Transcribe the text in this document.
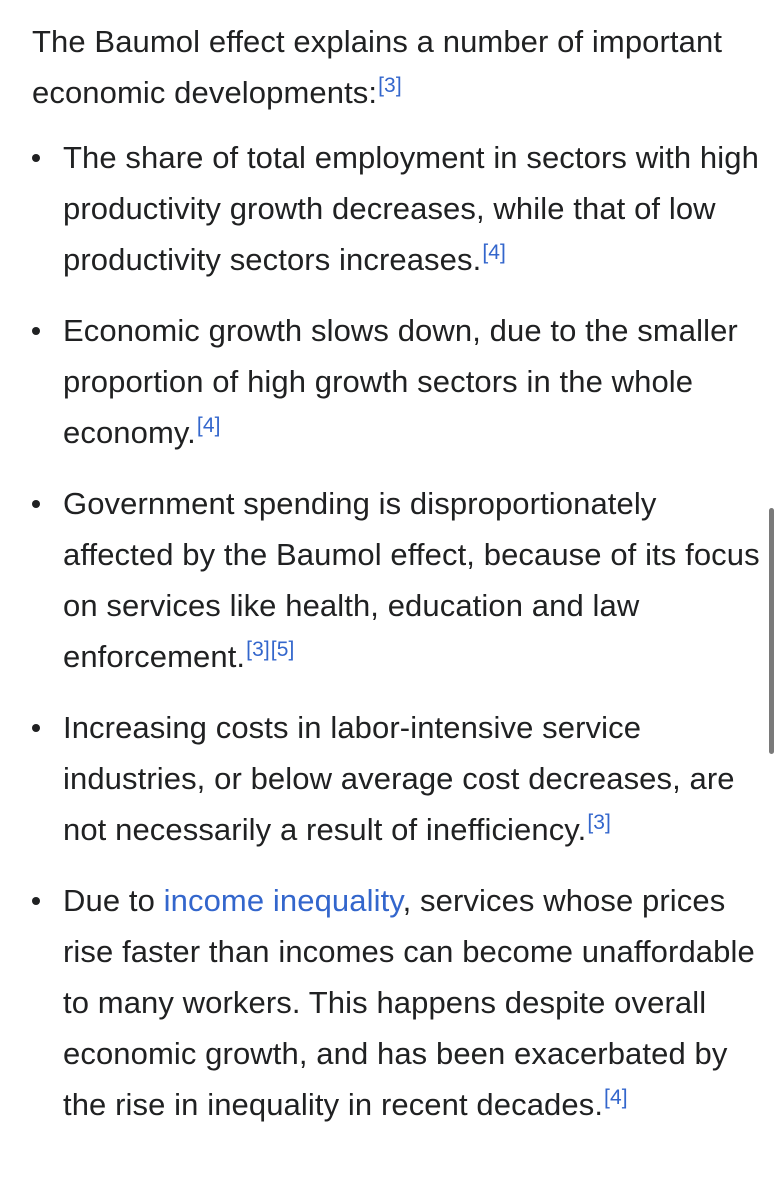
The Baumol effect explains a number of important economic developments:[3]

The share of total employment in sectors with high productivity growth decreases, while that of low productivity sectors increases.[4]
Economic growth slows down, due to the smaller proportion of high growth sectors in the whole economy.[4]
Government spending is disproportionately affected by the Baumol effect, because of its focus on services like health, education and law enforcement.[3][5]
Increasing costs in labor-intensive service industries, or below average cost decreases, are not necessarily a result of inefficiency.[3]
Due to income inequality, services whose prices rise faster than incomes can become unaffordable to many workers. This happens despite overall economic growth, and has been exacerbated by the rise in inequality in recent decades.[4]
